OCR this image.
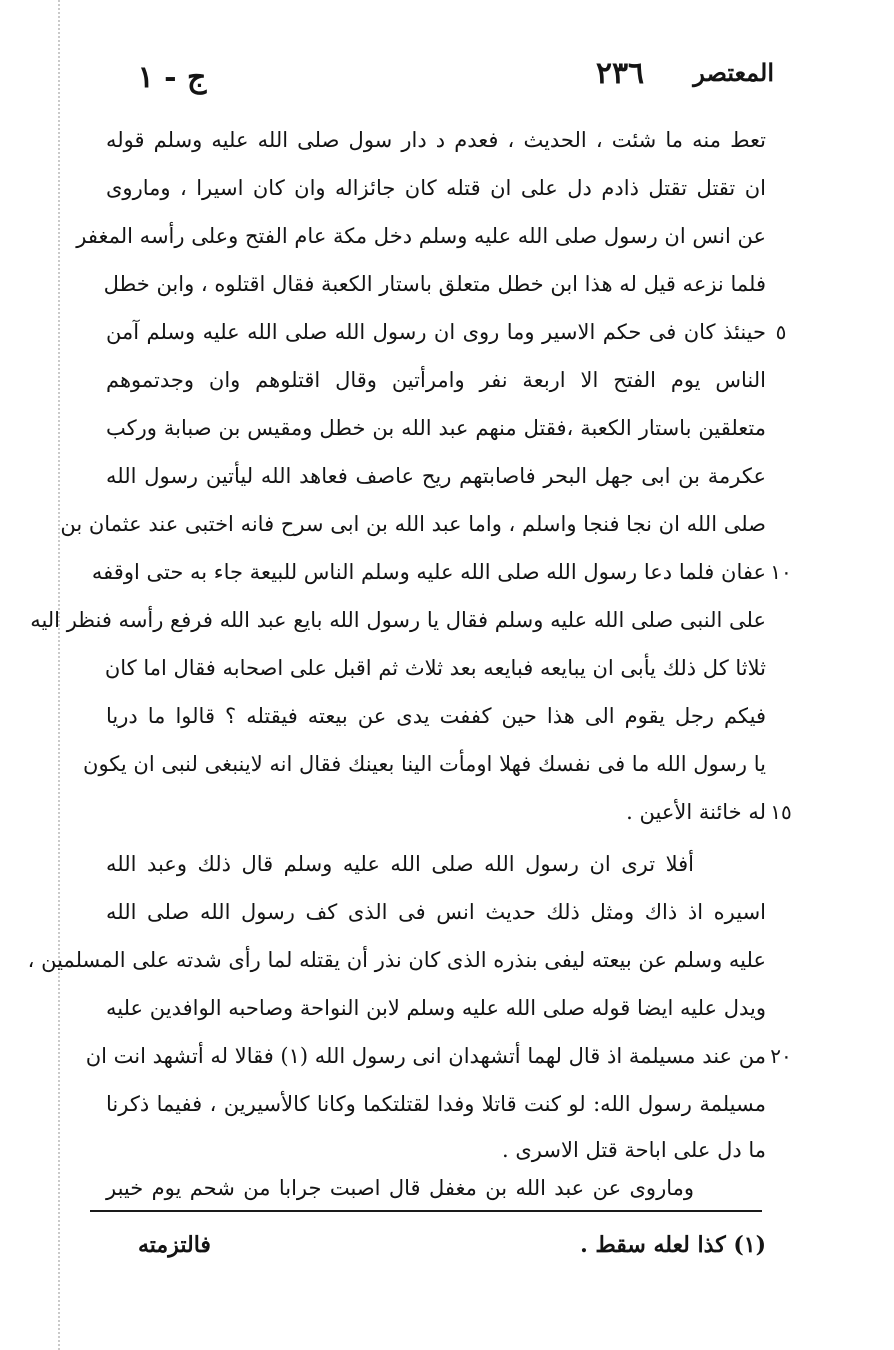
المعتصر
٢٣٦
ج - ١
تعط منه ما شئت ، الحديث ، فعدم د دار سول صلى الله عليه وسلم قوله
ان تقتل تقتل ذادم دل على ان قتله كان جائزاله وان كان اسيرا ، وماروى
عن انس ان رسول صلى الله عليه وسلم دخل مكة عام الفتح وعلى رأسه المغفر
فلما نزعه قيل له هذا ابن خطل متعلق باستار الكعبة فقال اقتلوه ، وابن خطل
٥
حينئذ كان فى حكم الاسير وما روى ان رسول الله صلى الله عليه وسلم آمن
الناس يوم الفتح الا اربعة نفر وامرأتين وقال اقتلوهم وان وجدتموهم
متعلقين باستار الكعبة ،فقتل منهم عبد الله بن خطل ومقيس بن صبابة وركب
عكرمة بن ابى جهل البحر فاصابتهم ريح عاصف فعاهد الله ليأتين رسول الله
صلى الله ان نجا فنجا واسلم ، واما عبد الله بن ابى سرح فانه اختبى عند عثمان بن
١٠
عفان فلما دعا رسول الله صلى الله عليه وسلم الناس للبيعة جاء به حتى اوقفه
على النبى صلى الله عليه وسلم فقال يا رسول الله بايع عبد الله فرفع رأسه فنظر اليه
ثلاثا كل ذلك يأبى ان يبايعه فبايعه بعد ثلاث ثم اقبل على اصحابه فقال اما كان
فيكم رجل يقوم الى هذا حين كففت يدى عن بيعته فيقتله ؟ قالوا ما دريا
يا رسول الله ما فى نفسك فهلا اومأت الينا بعينك فقال انه لاينبغى لنبى ان يكون
١٥
له خائنة الأعين .
أفلا ترى ان رسول الله صلى الله عليه وسلم قال ذلك وعبد الله
اسيره اذ ذاك ومثل ذلك حديث انس فى الذى كف رسول الله صلى الله
عليه وسلم عن بيعته ليفى بنذره الذى كان نذر أن يقتله لما رأى شدته على المسلمين ،
ويدل عليه ايضا قوله صلى الله عليه وسلم لابن النواحة وصاحبه الوافدين عليه
٢٠
من عند مسيلمة اذ قال لهما أتشهدان انى رسول الله (١) فقالا له أتشهد انت ان
مسيلمة رسول الله: لو كنت قاتلا وفدا لقتلتكما وكانا كالأسيرين ، ففيما ذكرنا
ما دل على اباحة قتل الاسرى .
وماروى عن عبد الله بن مغفل قال اصبت جرابا من شحم يوم خيبر
(١) كذا لعله سقط .
فالتزمته
